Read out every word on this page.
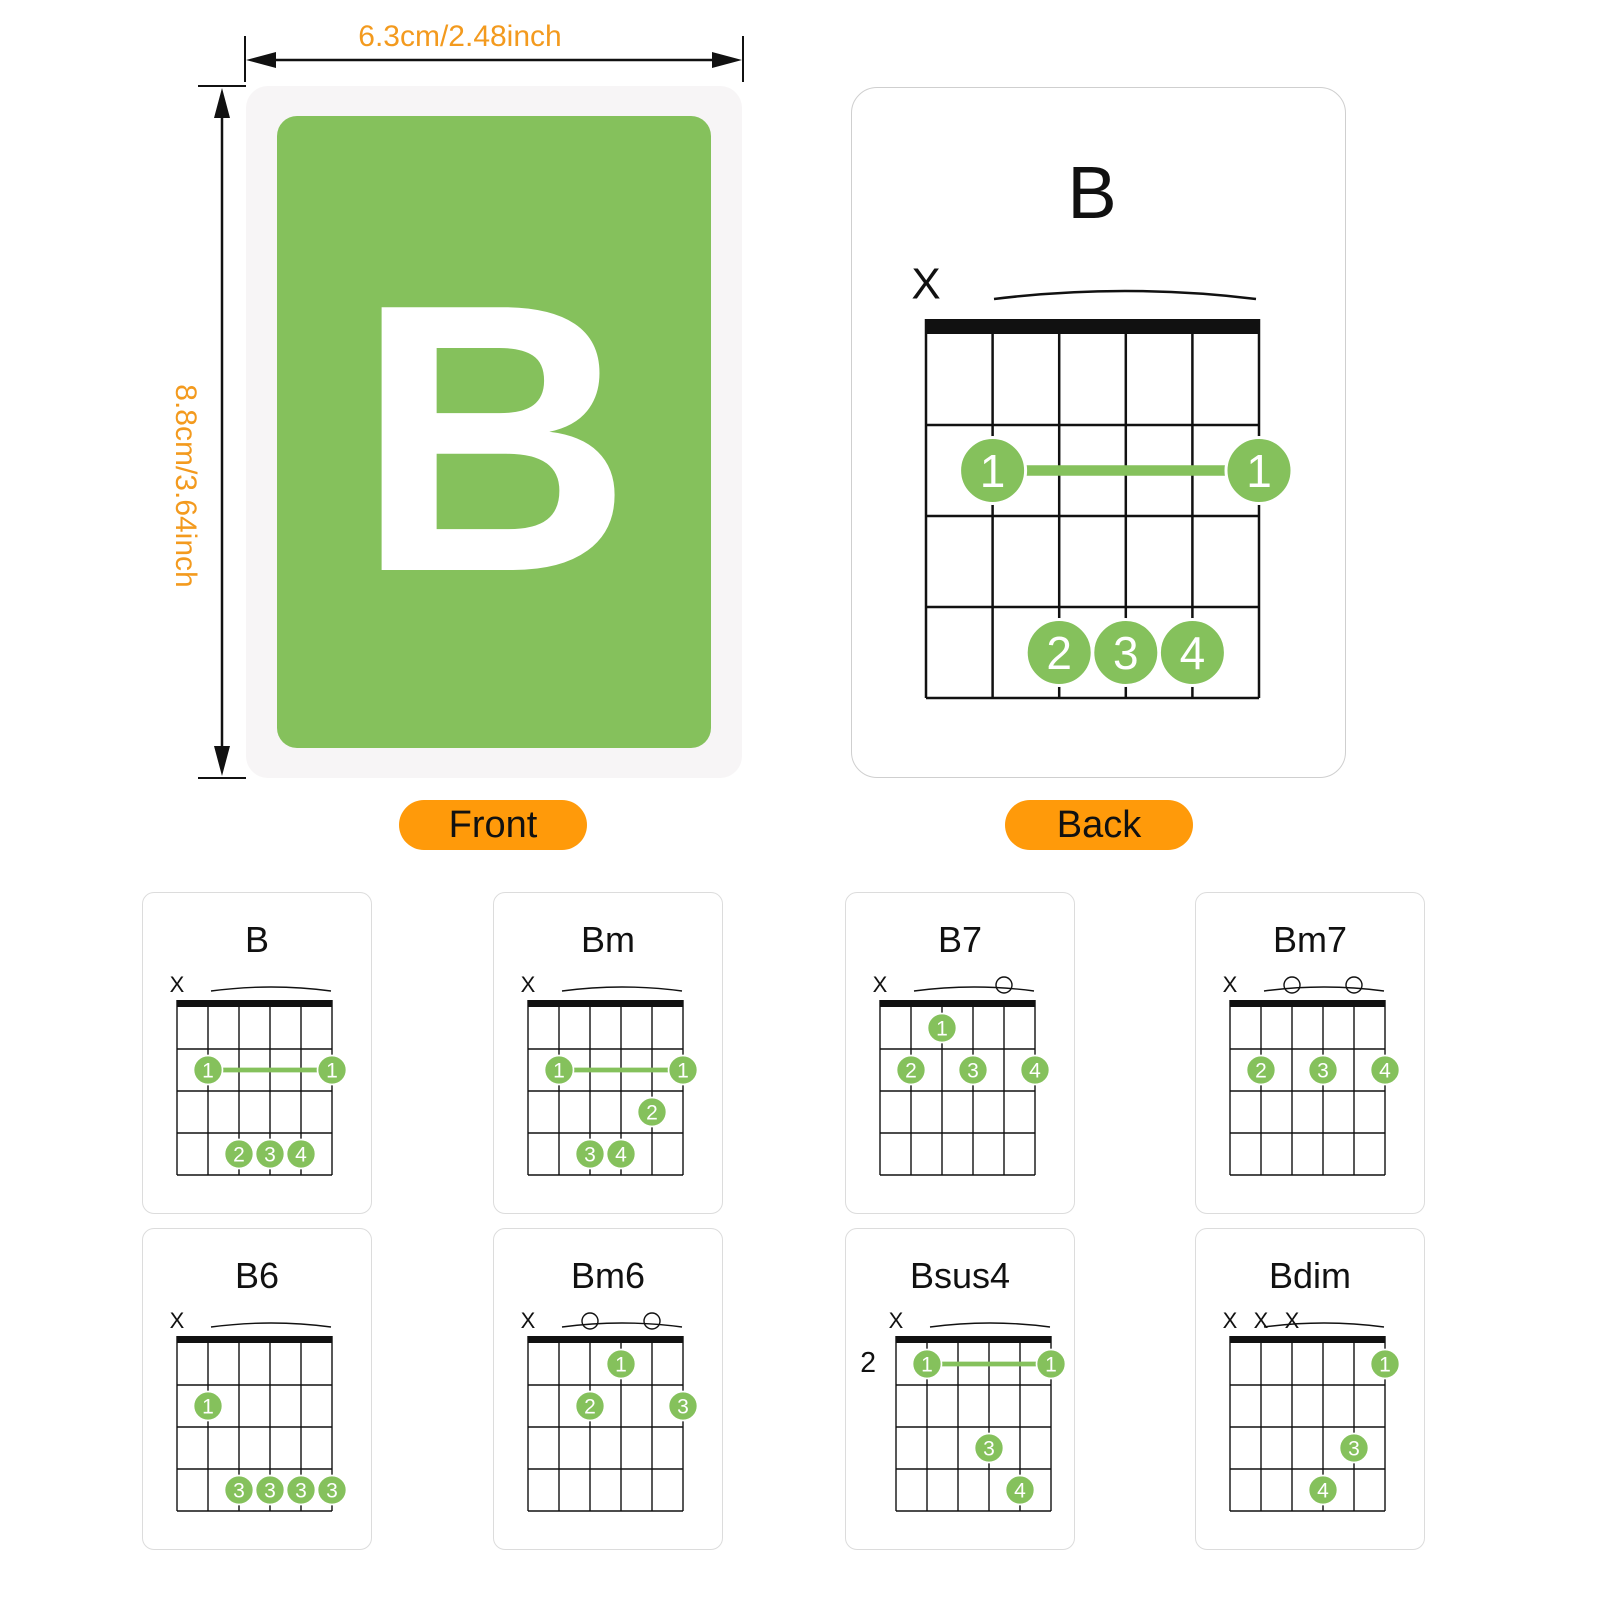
6.3cm/2.48inch
8.8cm/3.64inch B
B
X
1	1
2 3 4
Front	Back
B
X
1	1
2 3 4
Bm
X
1	1
2
3 4
B7
X	O
1
2 3 4
Bm7
X	O	O
2 3 4
B6
X
1
3 3 3 3
Bm6
X	O	O
1
2	3
Bsus4
X
2 1	1
3
4
Bdim
X X X
1
3
4
